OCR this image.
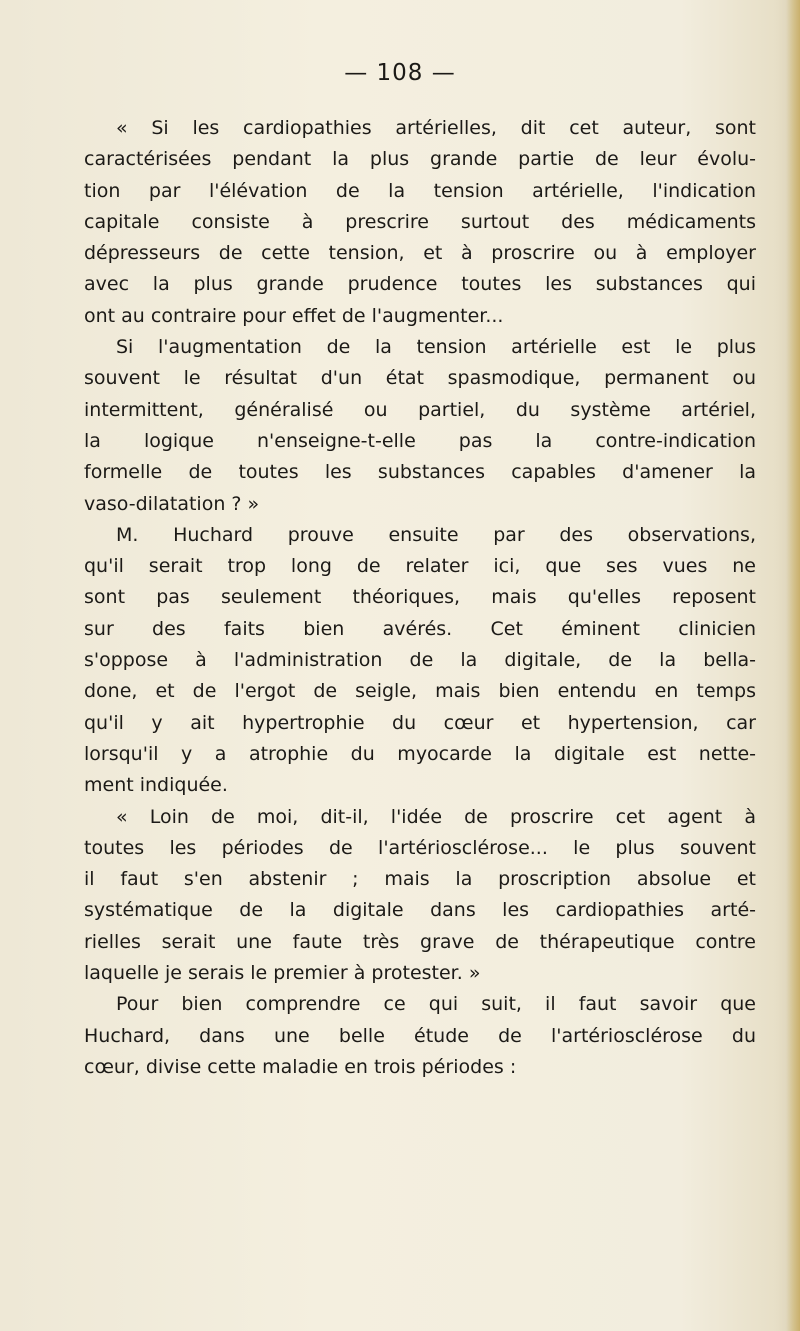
— 108 —
« Si les cardiopathies artérielles, dit cet auteur, sont
caractérisées pendant la plus grande partie de leur évolu-
tion par l'élévation de la tension artérielle, l'indication
capitale consiste à prescrire surtout des médicaments
dépresseurs de cette tension, et à proscrire ou à employer
avec la plus grande prudence toutes les substances qui
ont au contraire pour effet de l'augmenter...
Si l'augmentation de la tension artérielle est le plus
souvent le résultat d'un état spasmodique, permanent ou
intermittent, généralisé ou partiel, du système artériel,
la logique n'enseigne-t-elle pas la contre-indication
formelle de toutes les substances capables d'amener la
vaso-dilatation ? »
M. Huchard prouve ensuite par des observations,
qu'il serait trop long de relater ici, que ses vues ne
sont pas seulement théoriques, mais qu'elles reposent
sur des faits bien avérés. Cet éminent clinicien
s'oppose à l'administration de la digitale, de la bella-
done, et de l'ergot de seigle, mais bien entendu en temps
qu'il y ait hypertrophie du cœur et hypertension, car
lorsqu'il y a atrophie du myocarde la digitale est nette-
ment indiquée.
« Loin de moi, dit-il, l'idée de proscrire cet agent à
toutes les périodes de l'artériosclérose... le plus souvent
il faut s'en abstenir ; mais la proscription absolue et
systématique de la digitale dans les cardiopathies arté-
rielles serait une faute très grave de thérapeutique contre
laquelle je serais le premier à protester. »
Pour bien comprendre ce qui suit, il faut savoir que
Huchard, dans une belle étude de l'artériosclérose du
cœur, divise cette maladie en trois périodes :
